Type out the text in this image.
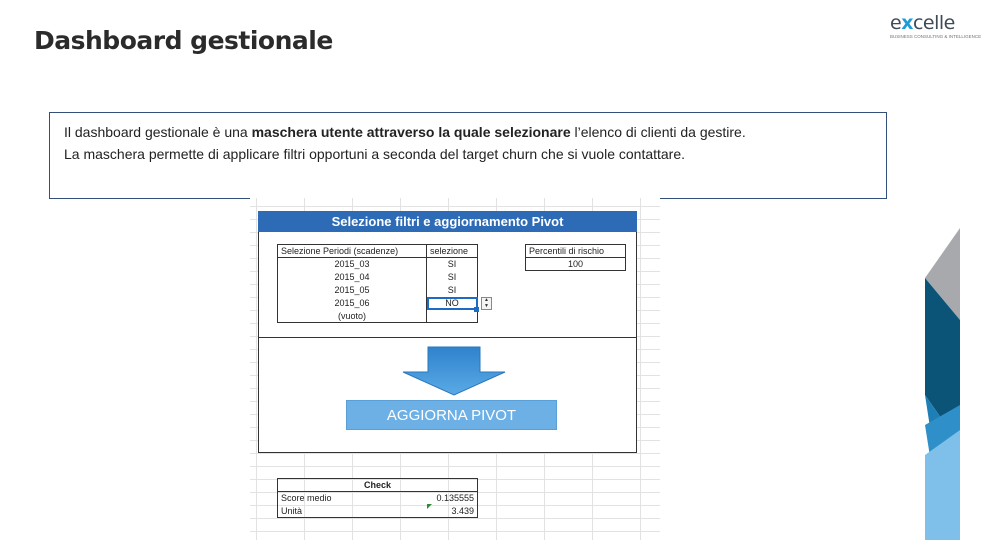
Dashboard gestionale
excelle
BUSINESS CONSULTING & INTELLIGENCE
Il dashboard gestionale è una maschera utente attraverso la quale selezionare l’elenco di clienti da gestire.
La maschera permette di applicare filtri opportuni a seconda del target churn che si vuole contattare.
Selezione filtri e aggiornamento Pivot
Selezione Periodi (scadenze)	selezione
2015_03	SI
2015_04	SI
2015_05	SI
2015_06	NO
(vuoto)	
▲
▼
Percentili di rischio
100
AGGIORNA PIVOT
Check	
Score medio	0.135555
Unità	3.439
